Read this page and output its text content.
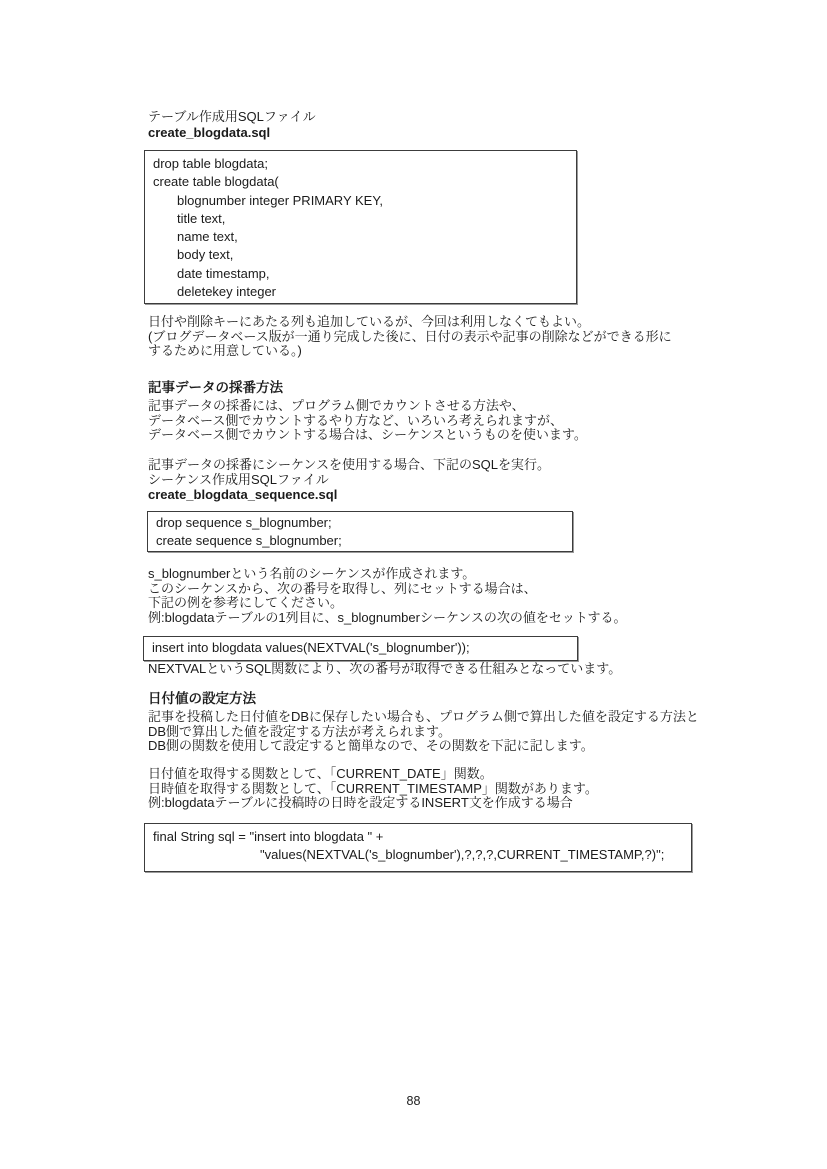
テーブル作成用SQLファイル
create_blogdata.sql
drop table blogdata;
create table blogdata(
blognumber integer PRIMARY KEY,
title text,
name text,
body text,
date timestamp,
deletekey integer
日付や削除キーにあたる列も追加しているが、今回は利用しなくてもよい。
(ブログデータベース版が一通り完成した後に、日付の表示や記事の削除などができる形に
するために用意している。)
記事データの採番方法
記事データの採番には、プログラム側でカウントさせる方法や、
データベース側でカウントするやり方など、いろいろ考えられますが、
データベース側でカウントする場合は、シーケンスというものを使います。
記事データの採番にシーケンスを使用する場合、下記のSQLを実行。
シーケンス作成用SQLファイル
create_blogdata_sequence.sql
drop sequence s_blognumber;
create sequence s_blognumber;
s_blognumberという名前のシーケンスが作成されます。
このシーケンスから、次の番号を取得し、列にセットする場合は、
下記の例を参考にしてください。
例:blogdataテーブルの1列目に、s_blognumberシーケンスの次の値をセットする。
insert into blogdata values(NEXTVAL('s_blognumber'));
NEXTVALというSQL関数により、次の番号が取得できる仕組みとなっています。
日付値の設定方法
記事を投稿した日付値をDBに保存したい場合も、プログラム側で算出した値を設定する方法と
DB側で算出した値を設定する方法が考えられます。
DB側の関数を使用して設定すると簡単なので、その関数を下記に記します。
日付値を取得する関数として、「CURRENT_DATE」関数。
日時値を取得する関数として、「CURRENT_TIMESTAMP」関数があります。
例:blogdataテーブルに投稿時の日時を設定するINSERT文を作成する場合
final String sql = "insert into blogdata " +
"values(NEXTVAL('s_blognumber'),?,?,?,CURRENT_TIMESTAMP,?)";
88
